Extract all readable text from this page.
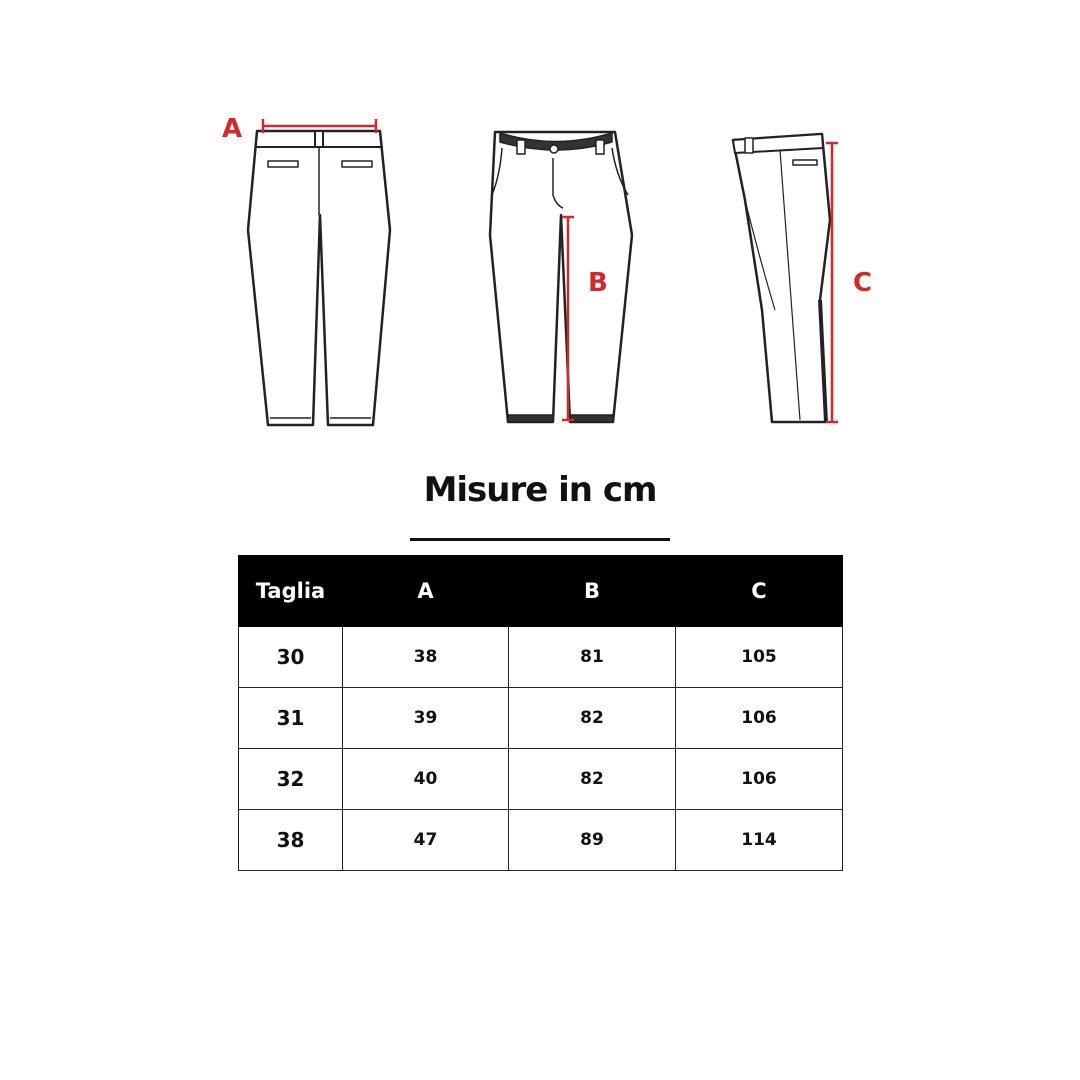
A
B	C
Misure in cm
Taglia	A	B	C
30	38	81	105
31	39	82	106
32	40	82	106
38	47	89	114
